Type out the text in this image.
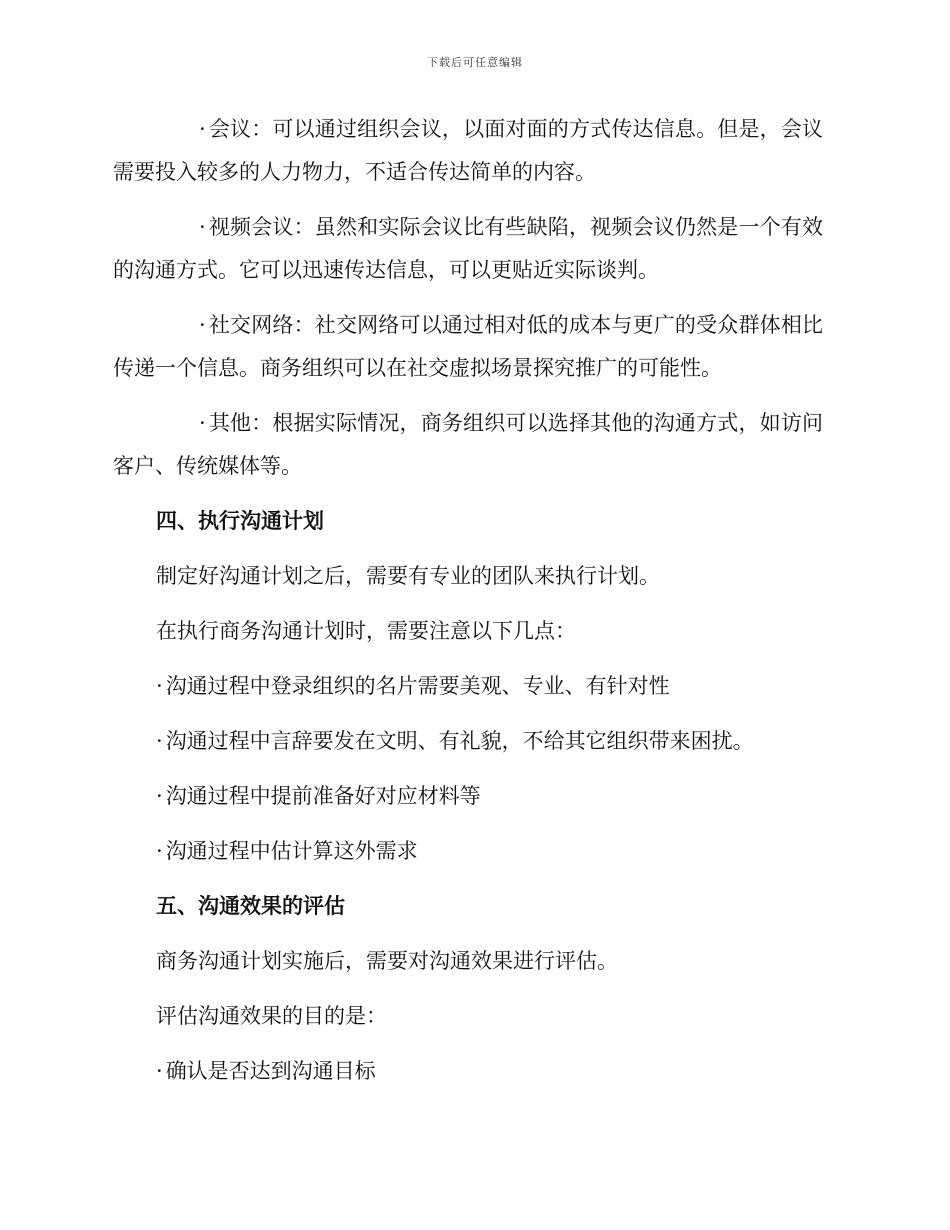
下载后可任意编辑

· 会议：可以通过组织会议，以面对面的方式传达信息。但是，会议需要投入较多的人力物力，不适合传达简单的内容。

· 视频会议：虽然和实际会议比有些缺陷，视频会议仍然是一个有效的沟通方式。它可以迅速传达信息，可以更贴近实际谈判。

· 社交网络：社交网络可以通过相对低的成本与更广的受众群体相比传递一个信息。商务组织可以在社交虚拟场景探究推广的可能性。

· 其他：根据实际情况，商务组织可以选择其他的沟通方式，如访问客户、传统媒体等。

四、执行沟通计划

制定好沟通计划之后，需要有专业的团队来执行计划。

在执行商务沟通计划时，需要注意以下几点：

· 沟通过程中登录组织的名片需要美观、专业、有针对性

· 沟通过程中言辞要发在文明、有礼貌，不给其它组织带来困扰。

· 沟通过程中提前准备好对应材料等

· 沟通过程中估计算这外需求

五、沟通效果的评估

商务沟通计划实施后，需要对沟通效果进行评估。

评估沟通效果的目的是：

· 确认是否达到沟通目标
